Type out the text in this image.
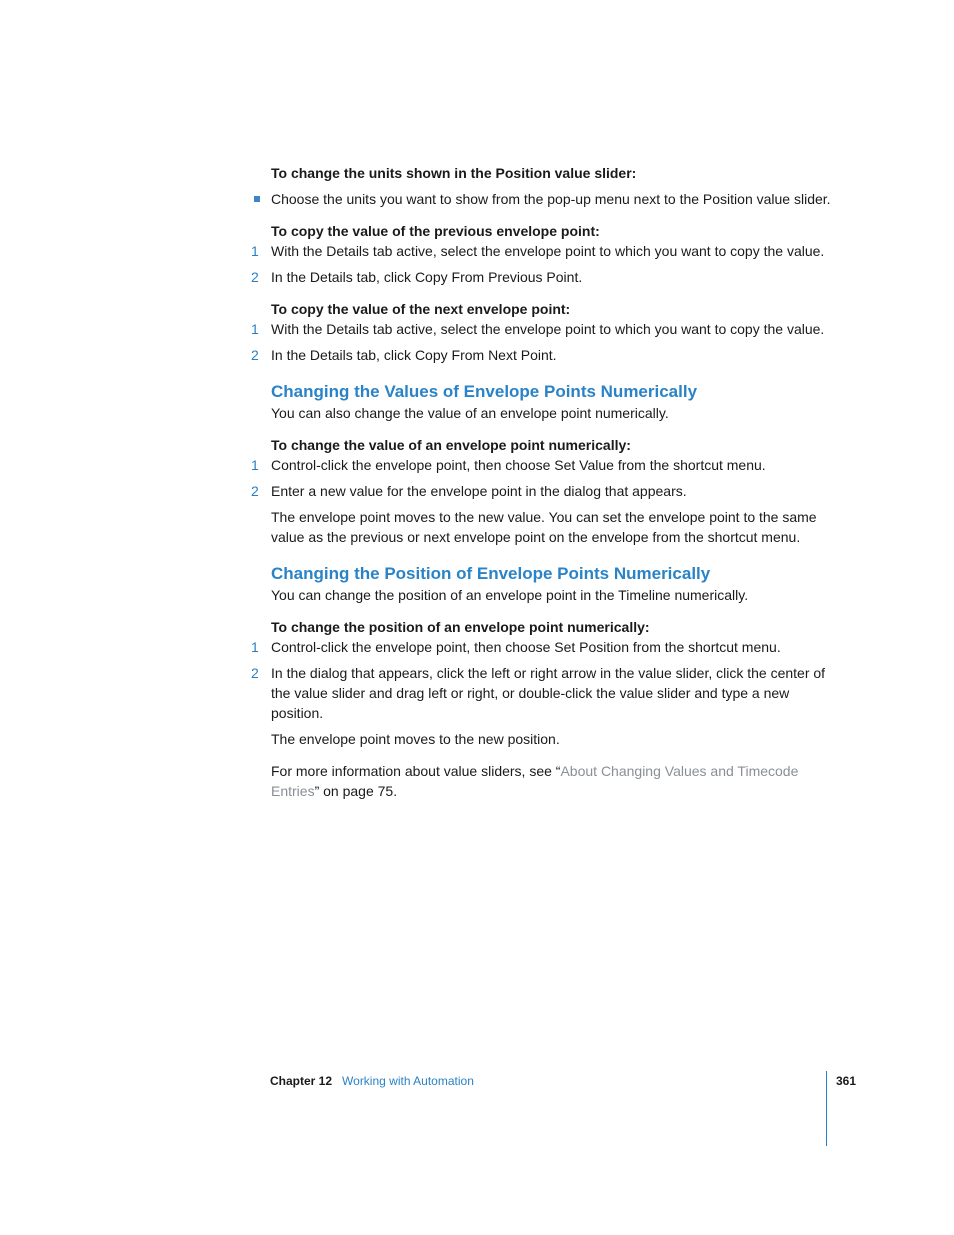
To change the units shown in the Position value slider:

Choose the units you want to show from the pop-up menu next to the Position value slider.

To copy the value of the previous envelope point:

1 With the Details tab active, select the envelope point to which you want to copy the value.
2 In the Details tab, click Copy From Previous Point.

To copy the value of the next envelope point:

1 With the Details tab active, select the envelope point to which you want to copy the value.
2 In the Details tab, click Copy From Next Point.
Changing the Values of Envelope Points Numerically

You can also change the value of an envelope point numerically.

To change the value of an envelope point numerically:

1 Control-click the envelope point, then choose Set Value from the shortcut menu.
2 Enter a new value for the envelope point in the dialog that appears.

The envelope point moves to the new value. You can set the envelope point to the same value as the previous or next envelope point on the envelope from the shortcut menu.

Changing the Position of Envelope Points Numerically

You can change the position of an envelope point in the Timeline numerically.

To change the position of an envelope point numerically:

1 Control-click the envelope point, then choose Set Position from the shortcut menu.
2 In the dialog that appears, click the left or right arrow in the value slider, click the center of the value slider and drag left or right, or double-click the value slider and type a new position.

The envelope point moves to the new position.

For more information about value sliders, see “About Changing Values and Timecode Entries” on page 75.

Chapter 12 Working with Automation	361
